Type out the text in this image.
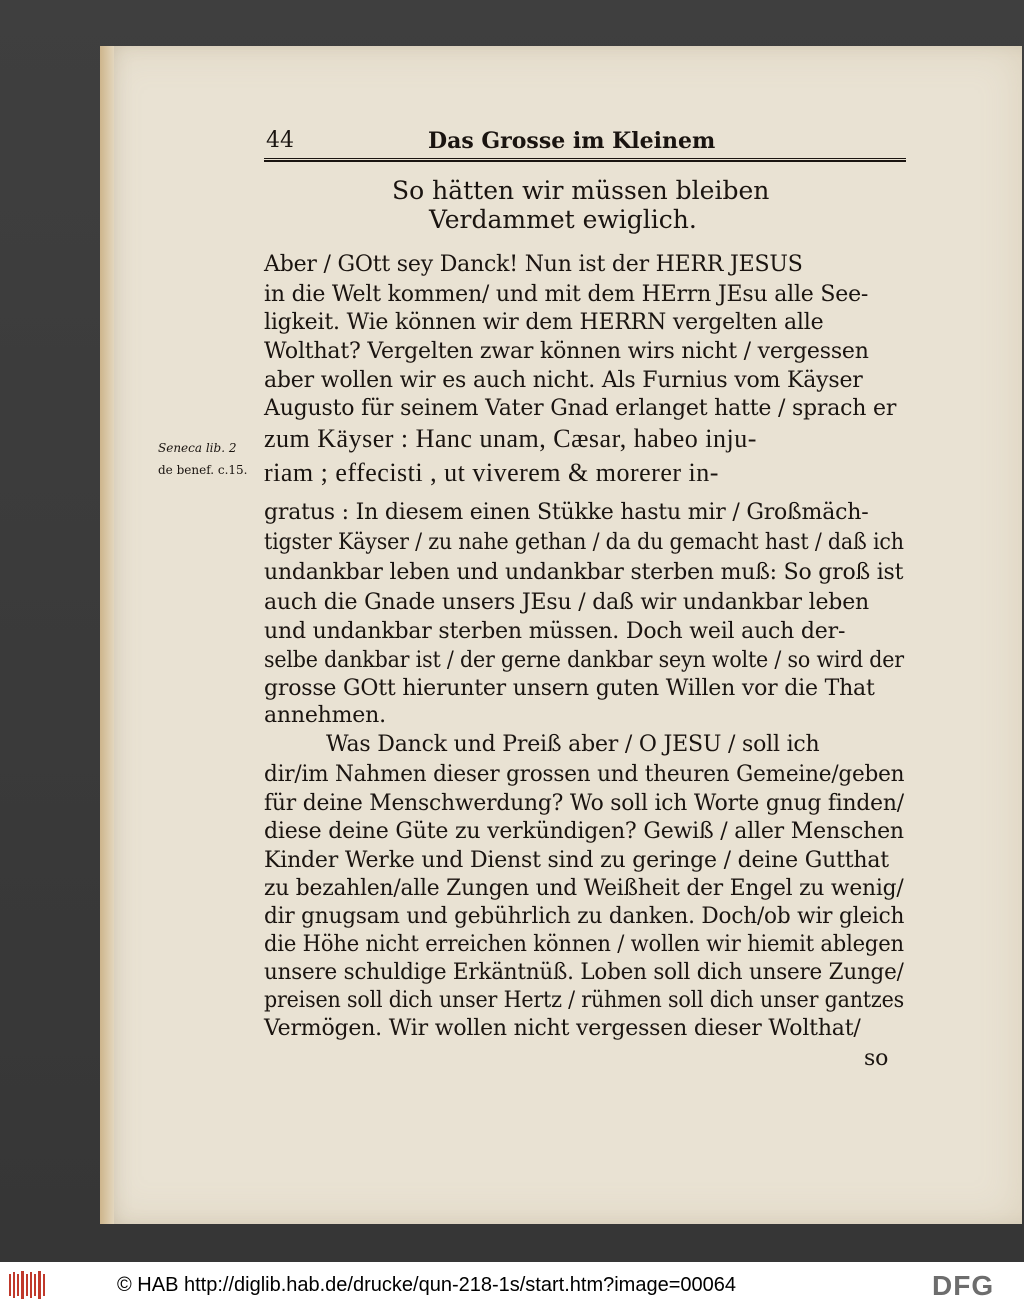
44	Das Grosse im Kleinem
So hätten wir müssen bleiben
Verdammet ewiglich.
Seneca lib. 2
de benef. c.15.
Aber / GOtt sey Danck! Nun ist der HERR JESUS
in die Welt kommen/ und mit dem HErrn JEsu alle See-
ligkeit. Wie können wir dem HERRN vergelten alle
Wolthat? Vergelten zwar können wirs nicht / vergessen
aber wollen wir es auch nicht. Als Furnius vom Käyser
Augusto für seinem Vater Gnad erlanget hatte / sprach er
zum Käyser : Hanc unam, Cæsar, habeo inju-
riam ; effecisti , ut viverem & morerer in-
gratus : In diesem einen Stükke hastu mir / Großmäch-
tigster Käyser / zu nahe gethan / da du gemacht hast / daß ich
undankbar leben und undankbar sterben muß: So groß ist
auch die Gnade unsers JEsu / daß wir undankbar leben
und undankbar sterben müssen. Doch weil auch der-
selbe dankbar ist / der gerne dankbar seyn wolte / so wird der
grosse GOtt hierunter unsern guten Willen vor die That
annehmen.
Was Danck und Preiß aber / O JESU / soll ich
dir/im Nahmen dieser grossen und theuren Gemeine/geben
für deine Menschwerdung? Wo soll ich Worte gnug finden/
diese deine Güte zu verkündigen? Gewiß / aller Menschen
Kinder Werke und Dienst sind zu geringe / deine Gutthat
zu bezahlen/alle Zungen und Weißheit der Engel zu wenig/
dir gnugsam und gebührlich zu danken. Doch/ob wir gleich
die Höhe nicht erreichen können / wollen wir hiemit ablegen
unsere schuldige Erkäntnüß. Loben soll dich unsere Zunge/
preisen soll dich unser Hertz / rühmen soll dich unser gantzes
Vermögen. Wir wollen nicht vergessen dieser Wolthat/
so
© HAB http://diglib.hab.de/drucke/qun-218-1s/start.htm?image=00064	DFG
